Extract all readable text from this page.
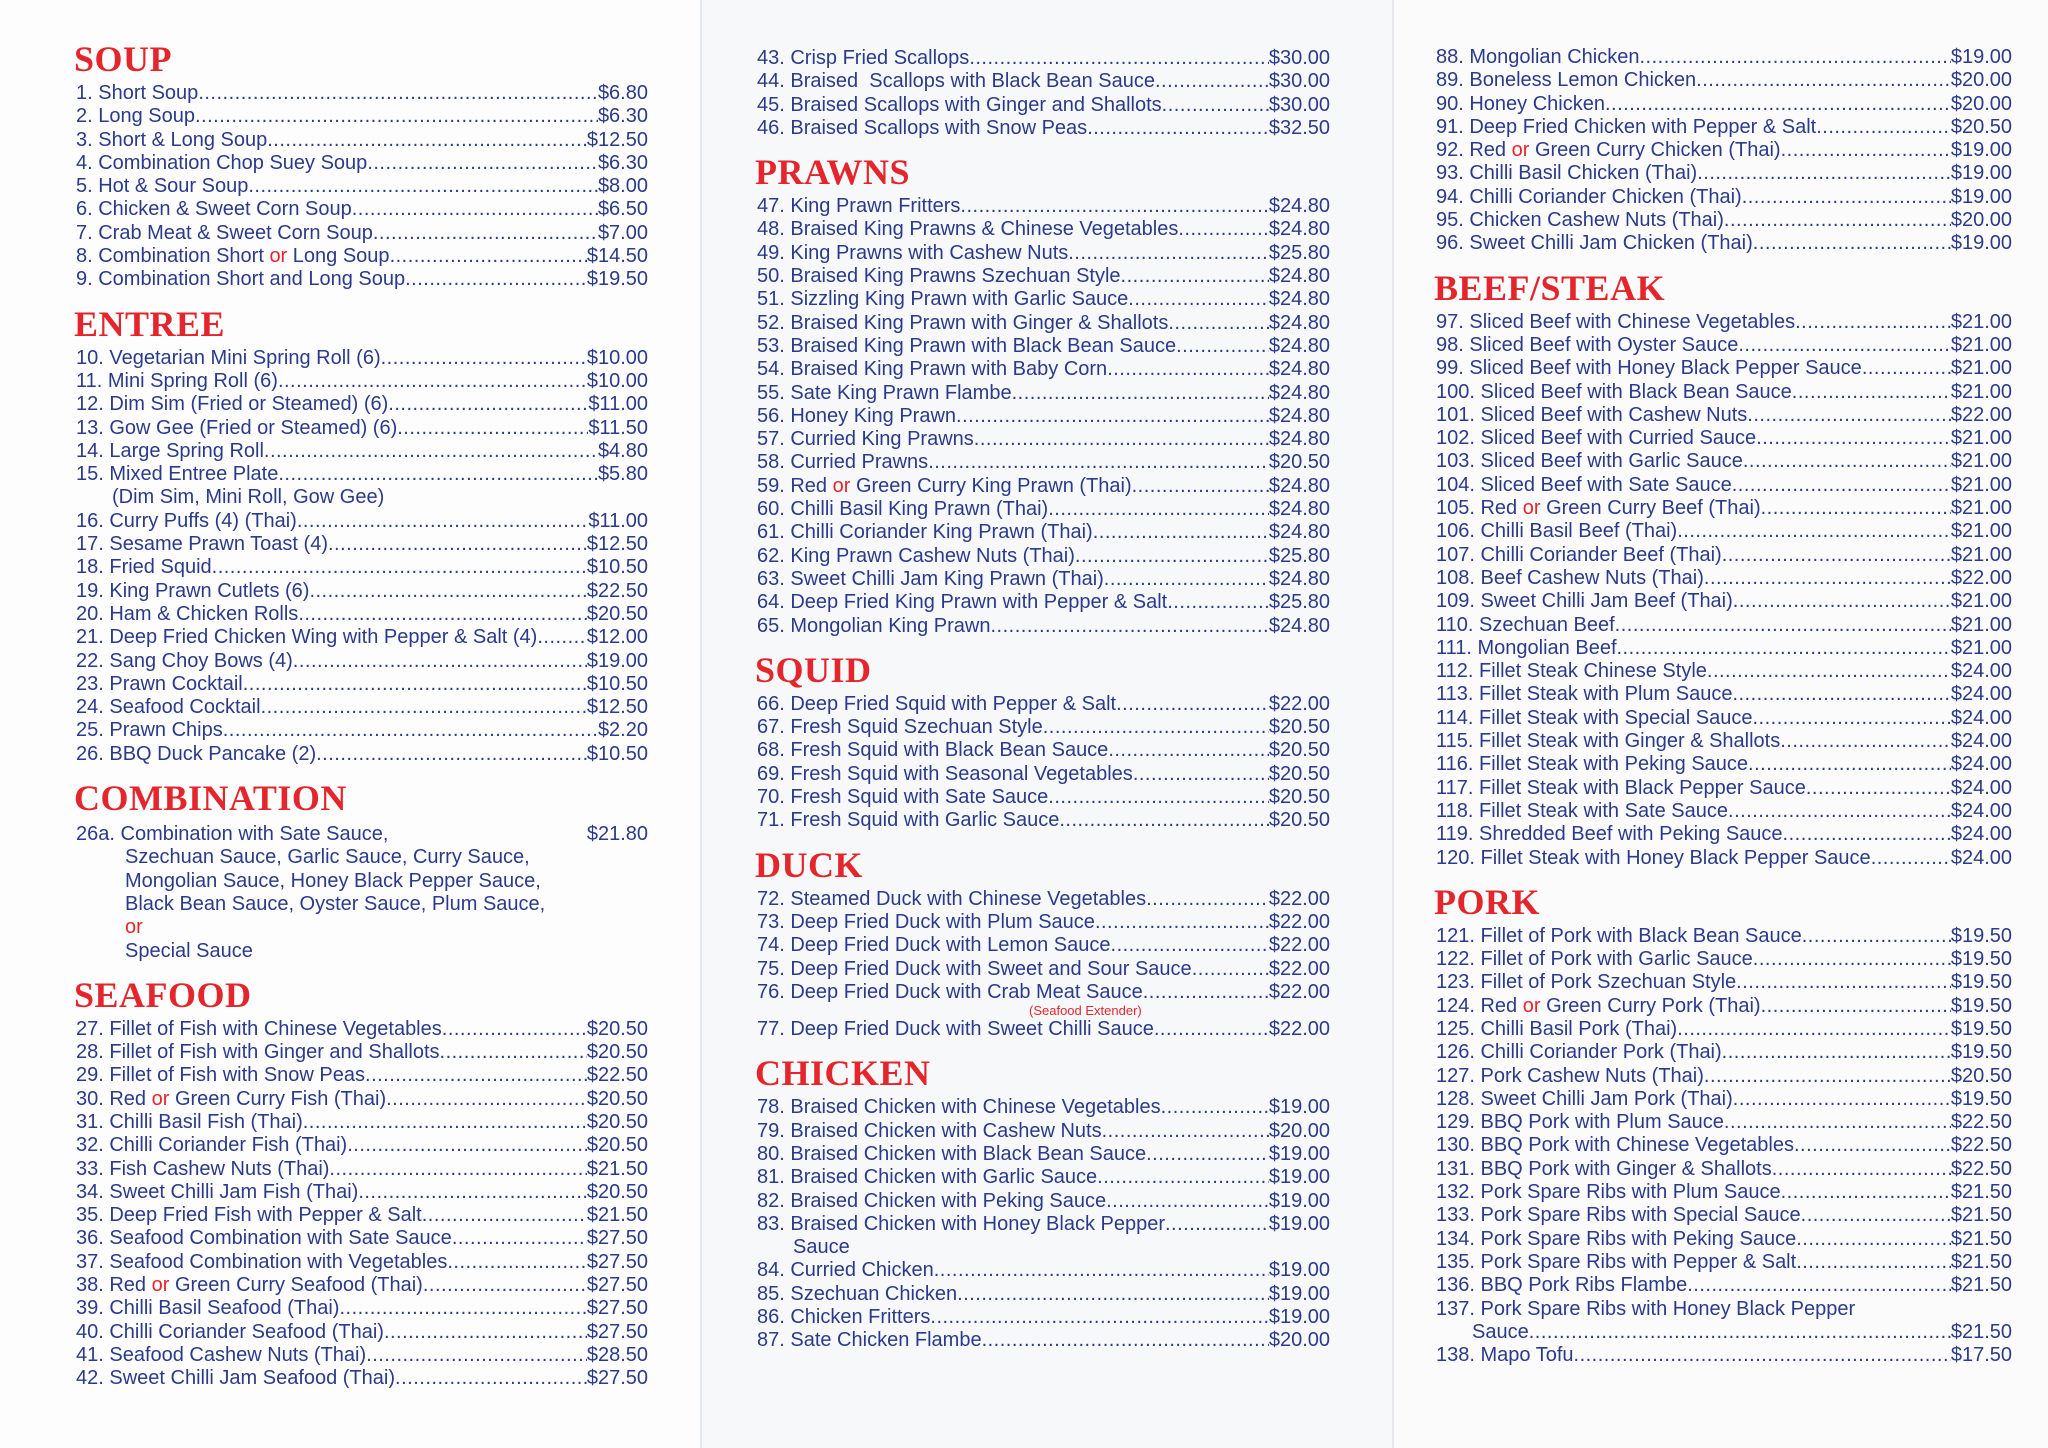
SOUP
1. Short Soup .....	$6.80
2. Long Soup .....	$6.30
3. Short & Long Soup .....	$12.50
4. Combination Chop Suey Soup .....	$6.30
5. Hot & Sour Soup .....	$8.00
6. Chicken & Sweet Corn Soup .....	$6.50
7. Crab Meat & Sweet Corn Soup .....	$7.00
8. Combination Short or Long Soup .....	$14.50
9. Combination Short and Long Soup .....	$19.50
ENTREE
10. Vegetarian Mini Spring Roll (6) .....	$10.00
11. Mini Spring Roll (6) .....	$10.00
12. Dim Sim (Fried or Steamed) (6) .....	$11.00
13. Gow Gee (Fried or Steamed) (6) .....	$11.50
14. Large Spring Roll .....	$4.80
15. Mixed Entree Plate .....	$5.80
(Dim Sim, Mini Roll, Gow Gee)
16. Curry Puffs (4) (Thai) .....	$11.00
17. Sesame Prawn Toast (4) .....	$12.50
18. Fried Squid .....	$10.50
19. King Prawn Cutlets (6) .....	$22.50
20. Ham & Chicken Rolls .....	$20.50
21. Deep Fried Chicken Wing with Pepper & Salt (4) ..... $12.00
22. Sang Choy Bows (4) .....	$19.00
23. Prawn Cocktail .....	$10.50
24. Seafood Cocktail .....	$12.50
25. Prawn Chips .....	$2.20
26. BBQ Duck Pancake (2) .....	$10.50
COMBINATION
26a. Combination with Sate Sauce,
Szechuan Sauce, Garlic Sauce, Curry Sauce,
Mongolian Sauce, Honey Black Pepper Sauce,
Black Bean Sauce, Oyster Sauce, Plum Sauce, or
Special Sauce
$21.80
SEAFOOD
27. Fillet of Fish with Chinese Vegetables .....	$20.50
28. Fillet of Fish with Ginger and Shallots .....	$20.50
29. Fillet of Fish with Snow Peas .....	$22.50
30. Red or Green Curry Fish (Thai) .....	$20.50
31. Chilli Basil Fish (Thai) .....	$20.50
32. Chilli Coriander Fish (Thai) .....	$20.50
33. Fish Cashew Nuts (Thai) .....	$21.50
34. Sweet Chilli Jam Fish (Thai) .....	$20.50
35. Deep Fried Fish with Pepper & Salt .....	$21.50
36. Seafood Combination with Sate Sauce .....	$27.50
37. Seafood Combination with Vegetables .....	$27.50
38. Red or Green Curry Seafood (Thai) .....	$27.50
39. Chilli Basil Seafood (Thai) .....	$27.50
40. Chilli Coriander Seafood (Thai) .....	$27.50
41. Seafood Cashew Nuts (Thai) .....	$28.50
42. Sweet Chilli Jam Seafood (Thai) .....	$27.50
43. Crisp Fried Scallops .....	$30.00
44. Braised  Scallops with Black Bean Sauce .....	$30.00
45. Braised Scallops with Ginger and Shallots .....	$30.00
46. Braised Scallops with Snow Peas .....	$32.50
PRAWNS
47. King Prawn Fritters .....	$24.80
48. Braised King Prawns & Chinese Vegetables .....	$24.80
49. King Prawns with Cashew Nuts .....	$25.80
50. Braised King Prawns Szechuan Style .....	$24.80
51. Sizzling King Prawn with Garlic Sauce .....	$24.80
52. Braised King Prawn with Ginger & Shallots .....	$24.80
53. Braised King Prawn with Black Bean Sauce .....	$24.80
54. Braised King Prawn with Baby Corn .....	$24.80
55. Sate King Prawn Flambe .....	$24.80
56. Honey King Prawn .....	$24.80
57. Curried King Prawns .....	$24.80
58. Curried Prawns .....	$20.50
59. Red or Green Curry King Prawn (Thai) .....	$24.80
60. Chilli Basil King Prawn (Thai) .....	$24.80
61. Chilli Coriander King Prawn (Thai) .....	$24.80
62. King Prawn Cashew Nuts (Thai) .....	$25.80
63. Sweet Chilli Jam King Prawn (Thai) .....	$24.80
64. Deep Fried King Prawn with Pepper & Salt .....	$25.80
65. Mongolian King Prawn .....	$24.80
SQUID
66. Deep Fried Squid with Pepper & Salt .....	$22.00
67. Fresh Squid Szechuan Style .....	$20.50
68. Fresh Squid with Black Bean Sauce .....	$20.50
69. Fresh Squid with Seasonal Vegetables .....	$20.50
70. Fresh Squid with Sate Sauce .....	$20.50
71. Fresh Squid with Garlic Sauce .....	$20.50
DUCK
72. Steamed Duck with Chinese Vegetables .....	$22.00
73. Deep Fried Duck with Plum Sauce .....	$22.00
74. Deep Fried Duck with Lemon Sauce .....	$22.00
75. Deep Fried Duck with Sweet and Sour Sauce .....	$22.00
76. Deep Fried Duck with Crab Meat Sauce .....	$22.00
(Seafood Extender)
77. Deep Fried Duck with Sweet Chilli Sauce .....	$22.00
CHICKEN
78. Braised Chicken with Chinese Vegetables .....	$19.00
79. Braised Chicken with Cashew Nuts .....	$20.00
80. Braised Chicken with Black Bean Sauce .....	$19.00
81. Braised Chicken with Garlic Sauce .....	$19.00
82. Braised Chicken with Peking Sauce .....	$19.00
83. Braised Chicken with Honey Black Pepper .....	$19.00
Sauce
84. Curried Chicken .....	$19.00
85. Szechuan Chicken .....	$19.00
86. Chicken Fritters .....	$19.00
87. Sate Chicken Flambe .....	$20.00
88. Mongolian Chicken .....	$19.00
89. Boneless Lemon Chicken .....	$20.00
90. Honey Chicken .....	$20.00
91. Deep Fried Chicken with Pepper & Salt .....	$20.50
92. Red or Green Curry Chicken (Thai) .....	$19.00
93. Chilli Basil Chicken (Thai) .....	$19.00
94. Chilli Coriander Chicken (Thai) .....	$19.00
95. Chicken Cashew Nuts (Thai) .....	$20.00
96. Sweet Chilli Jam Chicken (Thai) .....	$19.00
BEEF/STEAK
97. Sliced Beef with Chinese Vegetables .....	$21.00
98. Sliced Beef with Oyster Sauce .....	$21.00
99. Sliced Beef with Honey Black Pepper Sauce .....	$21.00
100. Sliced Beef with Black Bean Sauce .....	$21.00
101. Sliced Beef with Cashew Nuts .....	$22.00
102. Sliced Beef with Curried Sauce .....	$21.00
103. Sliced Beef with Garlic Sauce .....	$21.00
104. Sliced Beef with Sate Sauce .....	$21.00
105. Red or Green Curry Beef (Thai) .....	$21.00
106. Chilli Basil Beef (Thai) .....	$21.00
107. Chilli Coriander Beef (Thai) .....	$21.00
108. Beef Cashew Nuts (Thai) .....	$22.00
109. Sweet Chilli Jam Beef (Thai) .....	$21.00
110. Szechuan Beef .....	$21.00
111. Mongolian Beef .....	$21.00
112. Fillet Steak Chinese Style .....	$24.00
113. Fillet Steak with Plum Sauce .....	$24.00
114. Fillet Steak with Special Sauce .....	$24.00
115. Fillet Steak with Ginger & Shallots .....	$24.00
116. Fillet Steak with Peking Sauce .....	$24.00
117. Fillet Steak with Black Pepper Sauce .....	$24.00
118. Fillet Steak with Sate Sauce .....	$24.00
119. Shredded Beef with Peking Sauce .....	$24.00
120. Fillet Steak with Honey Black Pepper Sauce .....	$24.00
PORK
121. Fillet of Pork with Black Bean Sauce .....	$19.50
122. Fillet of Pork with Garlic Sauce .....	$19.50
123. Fillet of Pork Szechuan Style .....	$19.50
124. Red or Green Curry Pork (Thai) .....	$19.50
125. Chilli Basil Pork (Thai) .....	$19.50
126. Chilli Coriander Pork (Thai) .....	$19.50
127. Pork Cashew Nuts (Thai) .....	$20.50
128. Sweet Chilli Jam Pork (Thai) .....	$19.50
129. BBQ Pork with Plum Sauce .....	$22.50
130. BBQ Pork with Chinese Vegetables .....	$22.50
131. BBQ Pork with Ginger & Shallots .....	$22.50
132. Pork Spare Ribs with Plum Sauce .....	$21.50
133. Pork Spare Ribs with Special Sauce .....	$21.50
134. Pork Spare Ribs with Peking Sauce .....	$21.50
135. Pork Spare Ribs with Pepper & Salt .....	$21.50
136. BBQ Pork Ribs Flambe .....	$21.50
137. Pork Spare Ribs with Honey Black Pepper
Sauce .....	$21.50
138. Mapo Tofu .....	$17.50
